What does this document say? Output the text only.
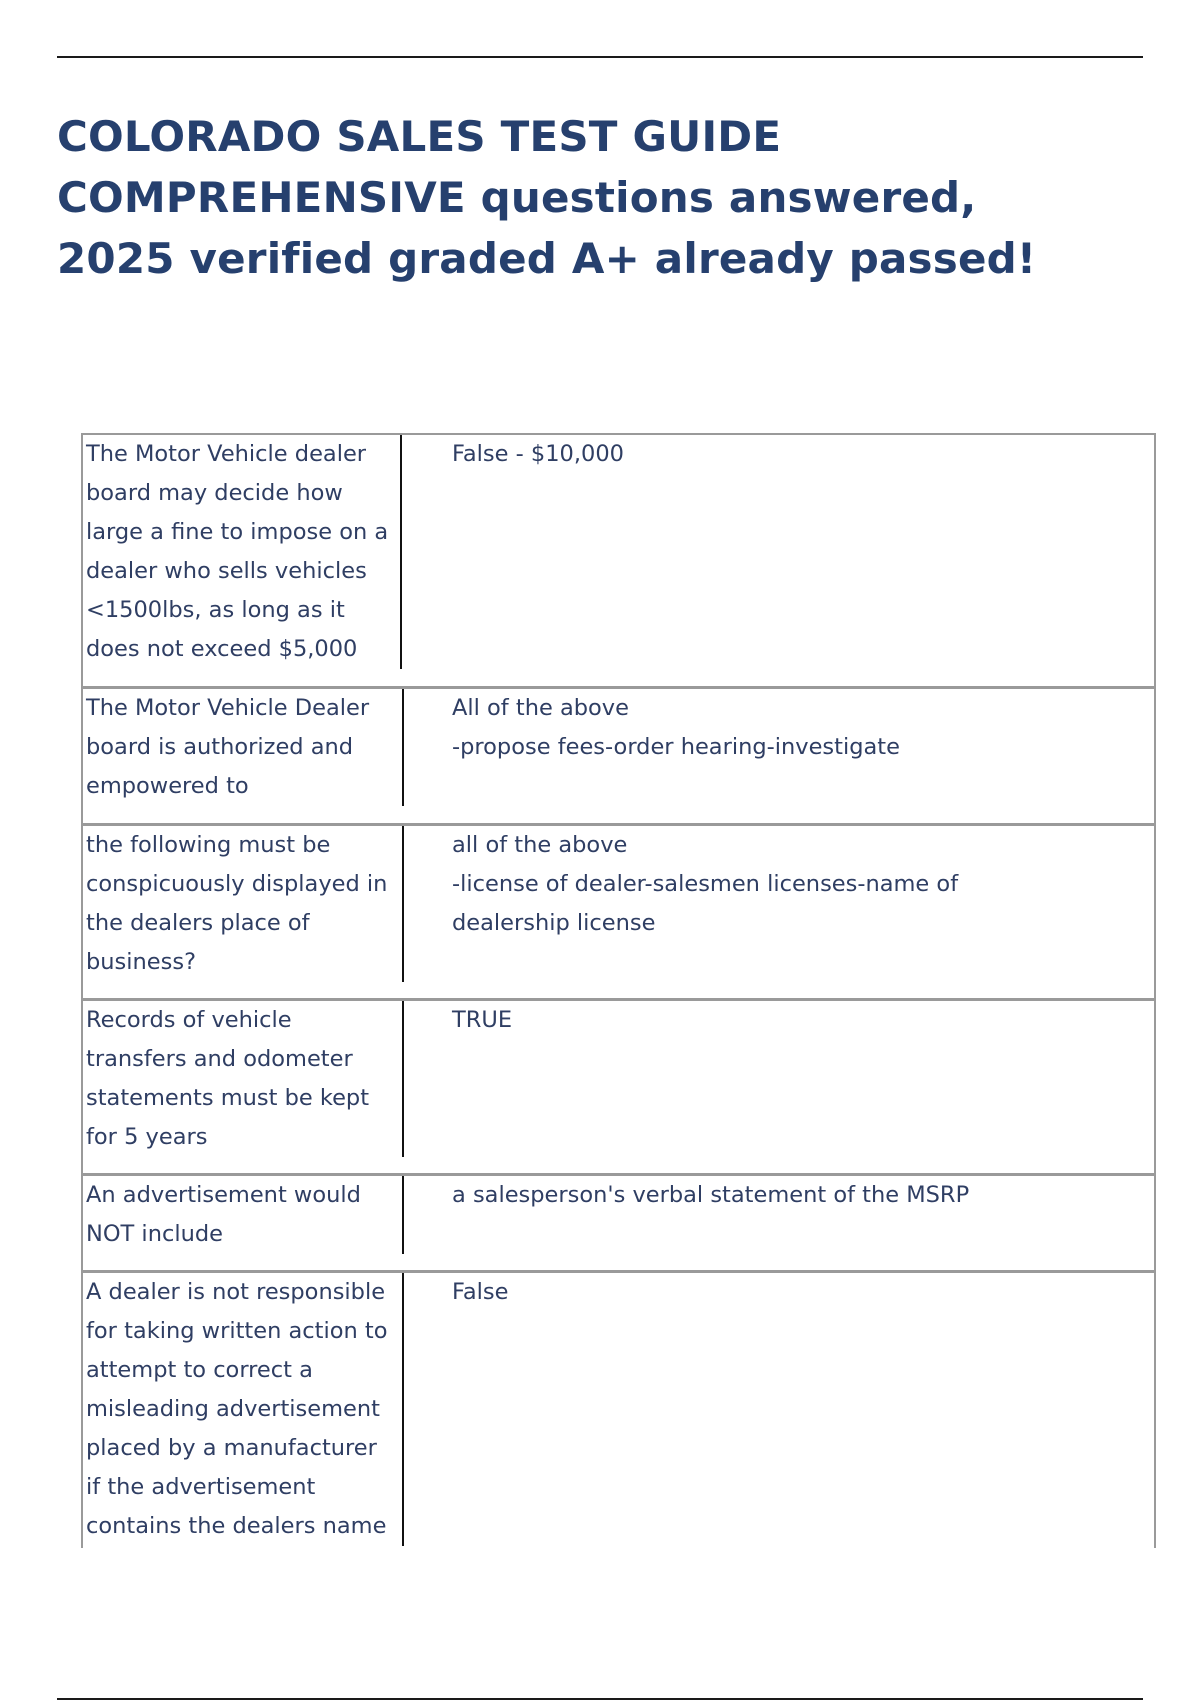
COLORADO SALES TEST GUIDE COMPREHENSIVE questions answered, 2025 verified graded A+ already passed!
The Motor Vehicle dealer board may decide how large a fine to impose on a dealer who sells vehicles <1500lbs, as long as it does not exceed $5,000	False - $10,000

The Motor Vehicle Dealer board is authorized and empowered to	All of the above
-propose fees-order hearing-investigate

the following must be conspicuously displayed in the dealers place of business?	all of the above
-license of dealer-salesmen licenses-name of dealership license

Records of vehicle transfers and odometer statements must be kept for 5 years	TRUE

An advertisement would NOT include	a salesperson's verbal statement of the MSRP

A dealer is not responsible for taking written action to attempt to correct a misleading advertisement placed by a manufacturer if the advertisement contains the dealers name	False
